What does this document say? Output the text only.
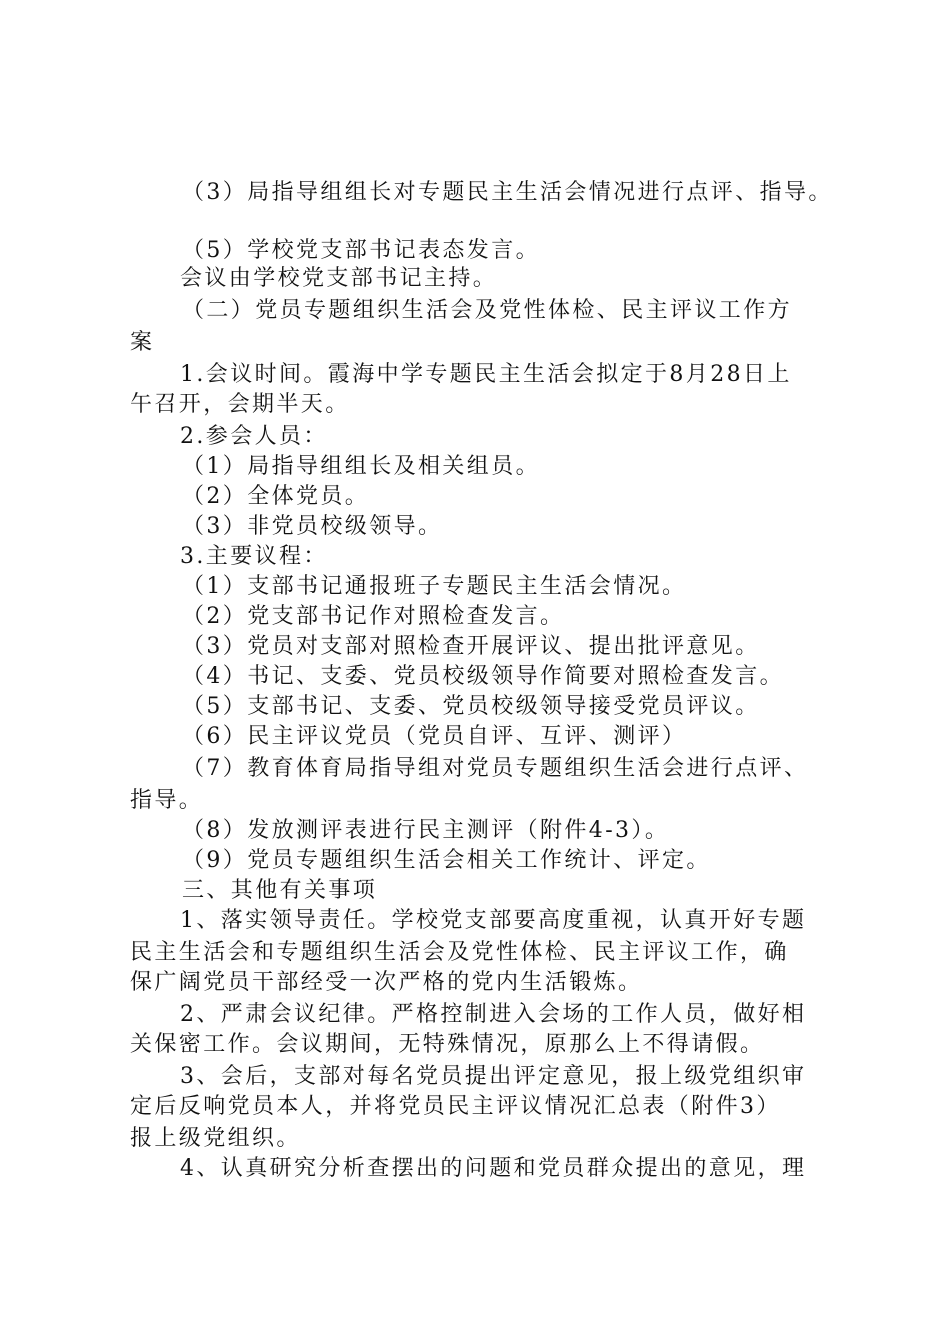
（3）局指导组组长对专题民主生活会情况进行点评、指导。
（5）学校党支部书记表态发言。
会议由学校党支部书记主持。
（二）党员专题组织生活会及党性体检、民主评议工作方
案
1.会议时间。霞海中学专题民主生活会拟定于8月28日上
午召开，会期半天。
2.参会人员：
（1）局指导组组长及相关组员。
（2）全体党员。
（3）非党员校级领导。
3.主要议程：
（1）支部书记通报班子专题民主生活会情况。
（2）党支部书记作对照检查发言。
（3）党员对支部对照检查开展评议、提出批评意见。
（4）书记、支委、党员校级领导作简要对照检查发言。
（5）支部书记、支委、党员校级领导接受党员评议。
（6）民主评议党员（党员自评、互评、测评）
（7）教育体育局指导组对党员专题组织生活会进行点评、
指导。
（8）发放测评表进行民主测评（附件4-3）。
（9）党员专题组织生活会相关工作统计、评定。
三、其他有关事项
1、落实领导责任。学校党支部要高度重视，认真开好专题
民主生活会和专题组织生活会及党性体检、民主评议工作，确
保广阔党员干部经受一次严格的党内生活锻炼。
2、严肃会议纪律。严格控制进入会场的工作人员，做好相
关保密工作。会议期间，无特殊情况，原那么上不得请假。
3、会后，支部对每名党员提出评定意见，报上级党组织审
定后反响党员本人，并将党员民主评议情况汇总表（附件3）
报上级党组织。
4、认真研究分析查摆出的问题和党员群众提出的意见，理
